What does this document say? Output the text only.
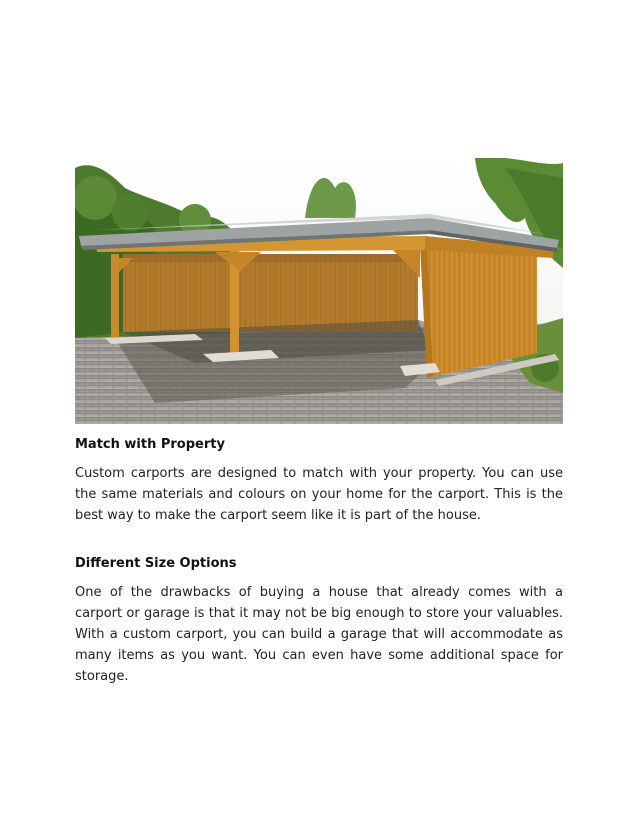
Match with Property

Custom carports are designed to match with your property. You can use the same materials and colours on your home for the carport. This is the best way to make the carport seem like it is part of the house.

Different Size Options

One of the drawbacks of buying a house that already comes with a carport or garage is that it may not be big enough to store your valuables. With a custom carport, you can build a garage that will accommodate as many items as you want. You can even have some additional space for storage.
